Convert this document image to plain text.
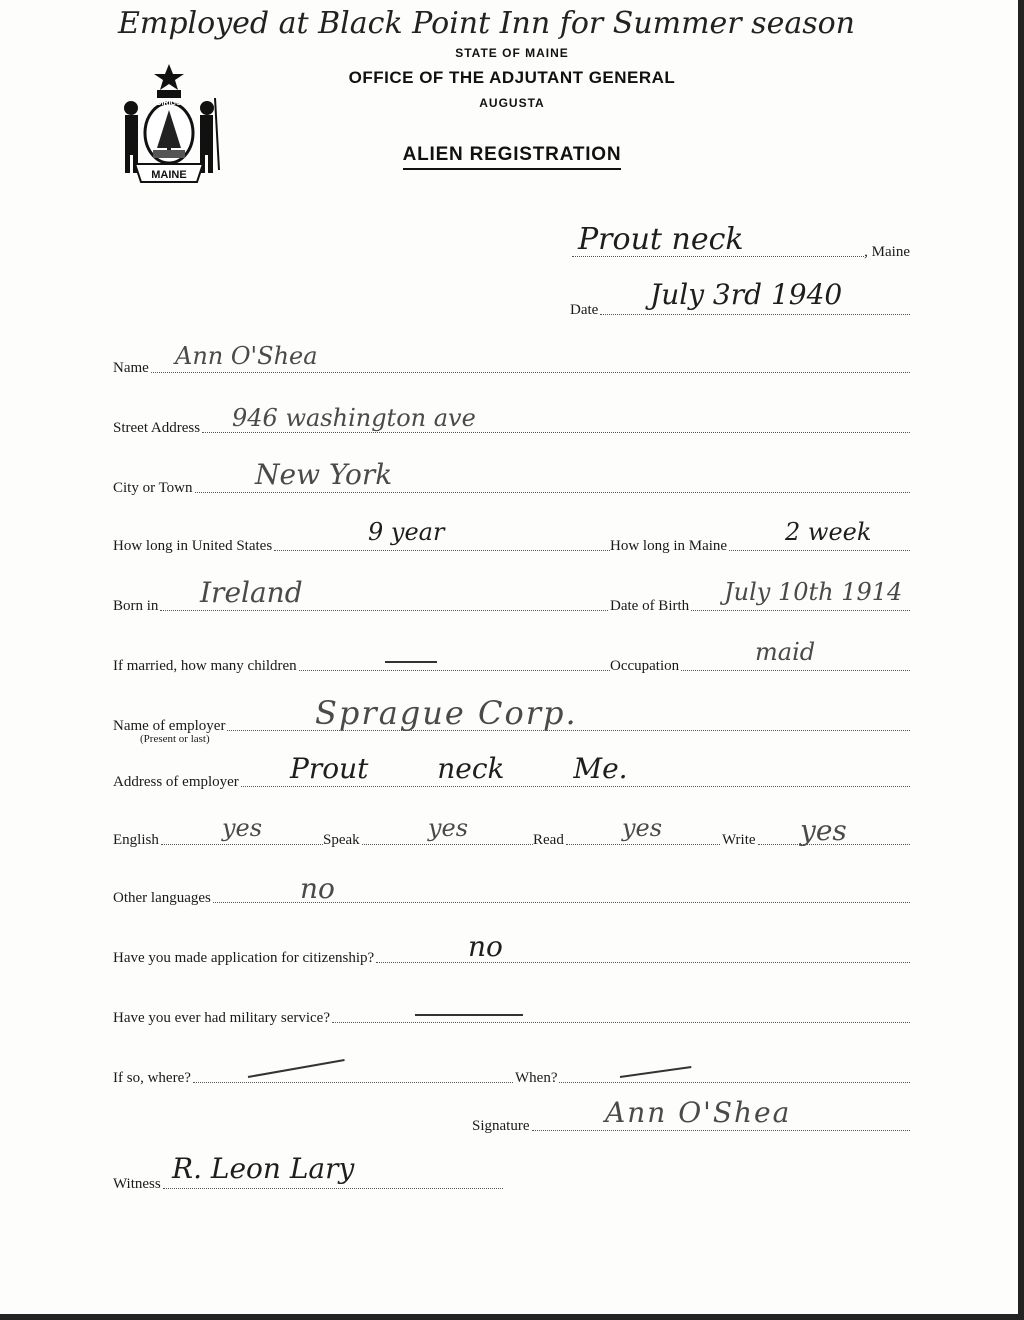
Employed at Black Point Inn for Summer season
MAINE
DIRIGO
STATE OF MAINE
OFFICE OF THE ADJUTANT GENERAL
AUGUSTA
ALIEN REGISTRATION
, Maine
Prout neck
Date July 3rd 1940
Name Ann O'Shea
Street Address 946 washington ave
City or Town New York
How long in United States	9 year	How long in Maine 2 week
Born in Ireland	Date of Birth July 10th 1914
If married, how many children	Occupation	maid
Name of employer
(Present or last)
Sprague Corp.
Address of employer Prout neck Me.
English	yes	Speak	yes	Read yes	Write yes
Other languages	no
Have you made application for citizenship?	no
Have you ever had military service?
If so, where?	When?
Signature	Ann O'Shea
Witness R. Leon Lary
